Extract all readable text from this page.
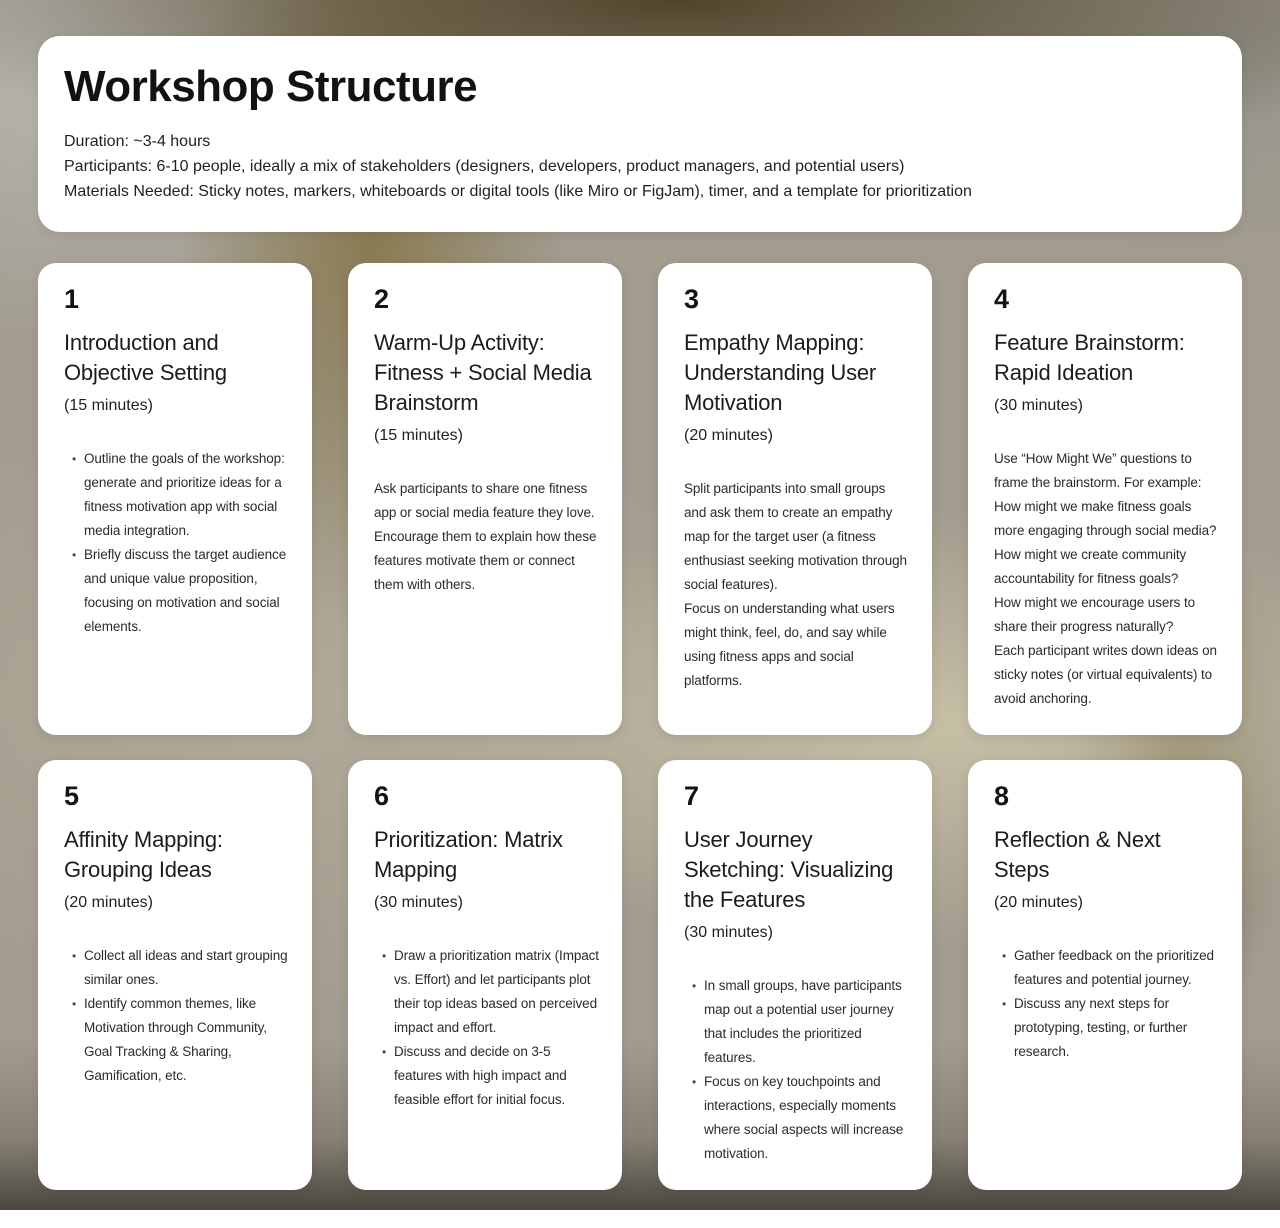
Workshop Structure

Duration: ~3-4 hours

Participants: 6-10 people, ideally a mix of stakeholders (designers, developers, product managers, and potential users)

Materials Needed: Sticky notes, markers, whiteboards or digital tools (like Miro or FigJam), timer, and a template for prioritization

1
Introduction and Objective Setting

(15 minutes)

• Outline the goals of the workshop: generate and prioritize ideas for a fitness motivation app with social media integration.
• Briefly discuss the target audience and unique value proposition, focusing on motivation and social elements.
2
Warm-Up Activity: Fitness + Social Media Brainstorm

(15 minutes)

Ask participants to share one fitness app or social media feature they love. Encourage them to explain how these features motivate them or connect them with others.

3
Empathy Mapping: Understanding User Motivation

(20 minutes)

Split participants into small groups and ask them to create an empathy map for the target user (a fitness enthusiast seeking motivation through social features).

Focus on understanding what users might think, feel, do, and say while using fitness apps and social platforms.

4
Feature Brainstorm: Rapid Ideation

(30 minutes)

Use “How Might We” questions to frame the brainstorm. For example:

How might we make fitness goals more engaging through social media?

How might we create community accountability for fitness goals?

How might we encourage users to share their progress naturally?

Each participant writes down ideas on sticky notes (or virtual equivalents) to avoid anchoring.

5
Affinity Mapping: Grouping Ideas

(20 minutes)

• Collect all ideas and start grouping similar ones.
• Identify common themes, like Motivation through Community, Goal Tracking & Sharing, Gamification, etc.
6
Prioritization: Matrix Mapping

(30 minutes)

• Draw a prioritization matrix (Impact vs. Effort) and let participants plot their top ideas based on perceived impact and effort.
• Discuss and decide on 3-5 features with high impact and feasible effort for initial focus.
7
User Journey Sketching: Visualizing the Features

(30 minutes)

• In small groups, have participants map out a potential user journey that includes the prioritized features.
• Focus on key touchpoints and interactions, especially moments where social aspects will increase motivation.
8
Reflection & Next Steps

(20 minutes)

• Gather feedback on the prioritized features and potential journey.
• Discuss any next steps for prototyping, testing, or further research.
